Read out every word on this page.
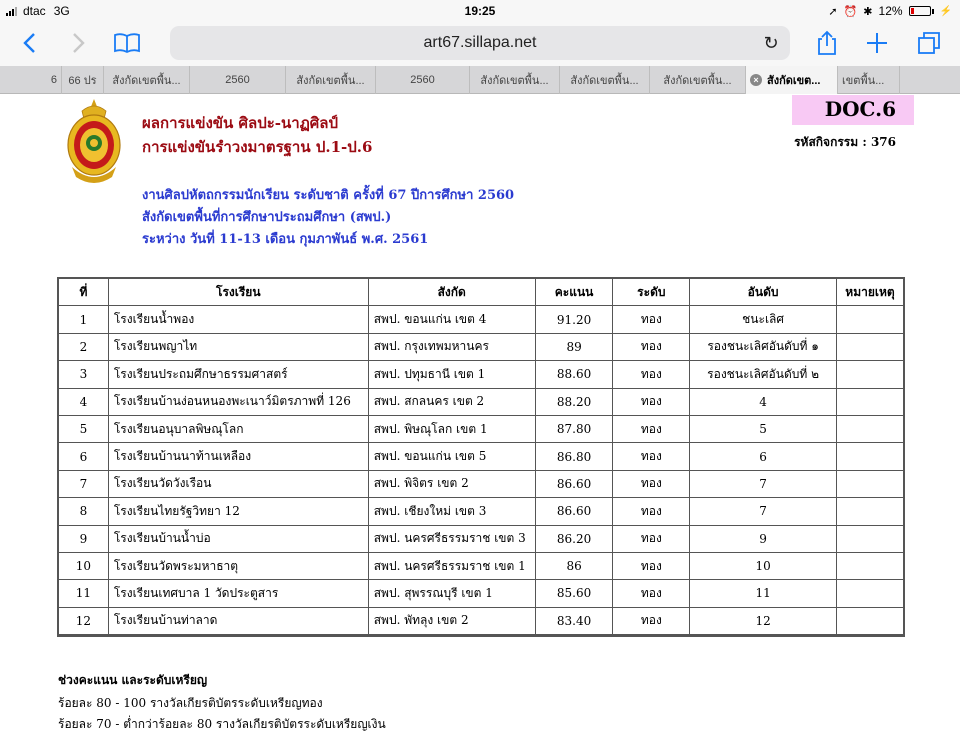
dtac 3G	19:25	➚ ⏰ ✱ 12%	⚡
art67.sillapa.net	↻
6 66 ปร สังกัดเขตพื้น...	2560	สังกัดเขตพื้น...	2560	สังกัดเขตพื้น... สังกัดเขตพื้น... สังกัดเขตพื้น...	× สังกัดเขต... เขตพื้น...
ผลการแข่งขัน ศิลปะ-นาฏศิลป์
การแข่งขันรำวงมาตรฐาน ป.1-ป.6
DOC.6
รหัสกิจกรรม : 376
งานศิลปหัตถกรรมนักเรียน ระดับชาติ ครั้งที่ 67 ปีการศึกษา 2560
สังกัดเขตพื้นที่การศึกษาประถมศึกษา (สพป.)
ระหว่าง วันที่ 11-13 เดือน กุมภาพันธ์ พ.ศ. 2561
ที่	โรงเรียน	สังกัด	คะแนน	ระดับ	อันดับ	หมายเหตุ
1	โรงเรียนน้ำพอง	สพป. ขอนแก่น เขต 4	91.20	ทอง	ชนะเลิศ	
2	โรงเรียนพญาไท	สพป. กรุงเทพมหานคร	89	ทอง	รองชนะเลิศอันดับที่ ๑	
3	โรงเรียนประถมศึกษาธรรมศาสตร์	สพป. ปทุมธานี เขต 1	88.60	ทอง	รองชนะเลิศอันดับที่ ๒	
4	โรงเรียนบ้านง่อนหนองพะเนาว์มิตรภาพที่ 126	สพป. สกลนคร เขต 2	88.20	ทอง	4	
5	โรงเรียนอนุบาลพิษณุโลก	สพป. พิษณุโลก เขต 1	87.80	ทอง	5	
6	โรงเรียนบ้านนาท้านเหลือง	สพป. ขอนแก่น เขต 5	86.80	ทอง	6	
7	โรงเรียนวัดวังเรือน	สพป. พิจิตร เขต 2	86.60	ทอง	7	
8	โรงเรียนไทยรัฐวิทยา 12	สพป. เชียงใหม่ เขต 3	86.60	ทอง	7	
9	โรงเรียนบ้านน้ำบ่อ	สพป. นครศรีธรรมราช เขต 3	86.20	ทอง	9	
10	โรงเรียนวัดพระมหาธาตุ	สพป. นครศรีธรรมราช เขต 1	86	ทอง	10	
11	โรงเรียนเทศบาล 1 วัดประตูสาร	สพป. สุพรรณบุรี เขต 1	85.60	ทอง	11	
12	โรงเรียนบ้านท่าลาด	สพป. พัทลุง เขต 2	83.40	ทอง	12	
ช่วงคะแนน และระดับเหรียญ
ร้อยละ 80 - 100 รางวัลเกียรติบัตรระดับเหรียญทอง
ร้อยละ 70 - ต่ำกว่าร้อยละ 80 รางวัลเกียรติบัตรระดับเหรียญเงิน
